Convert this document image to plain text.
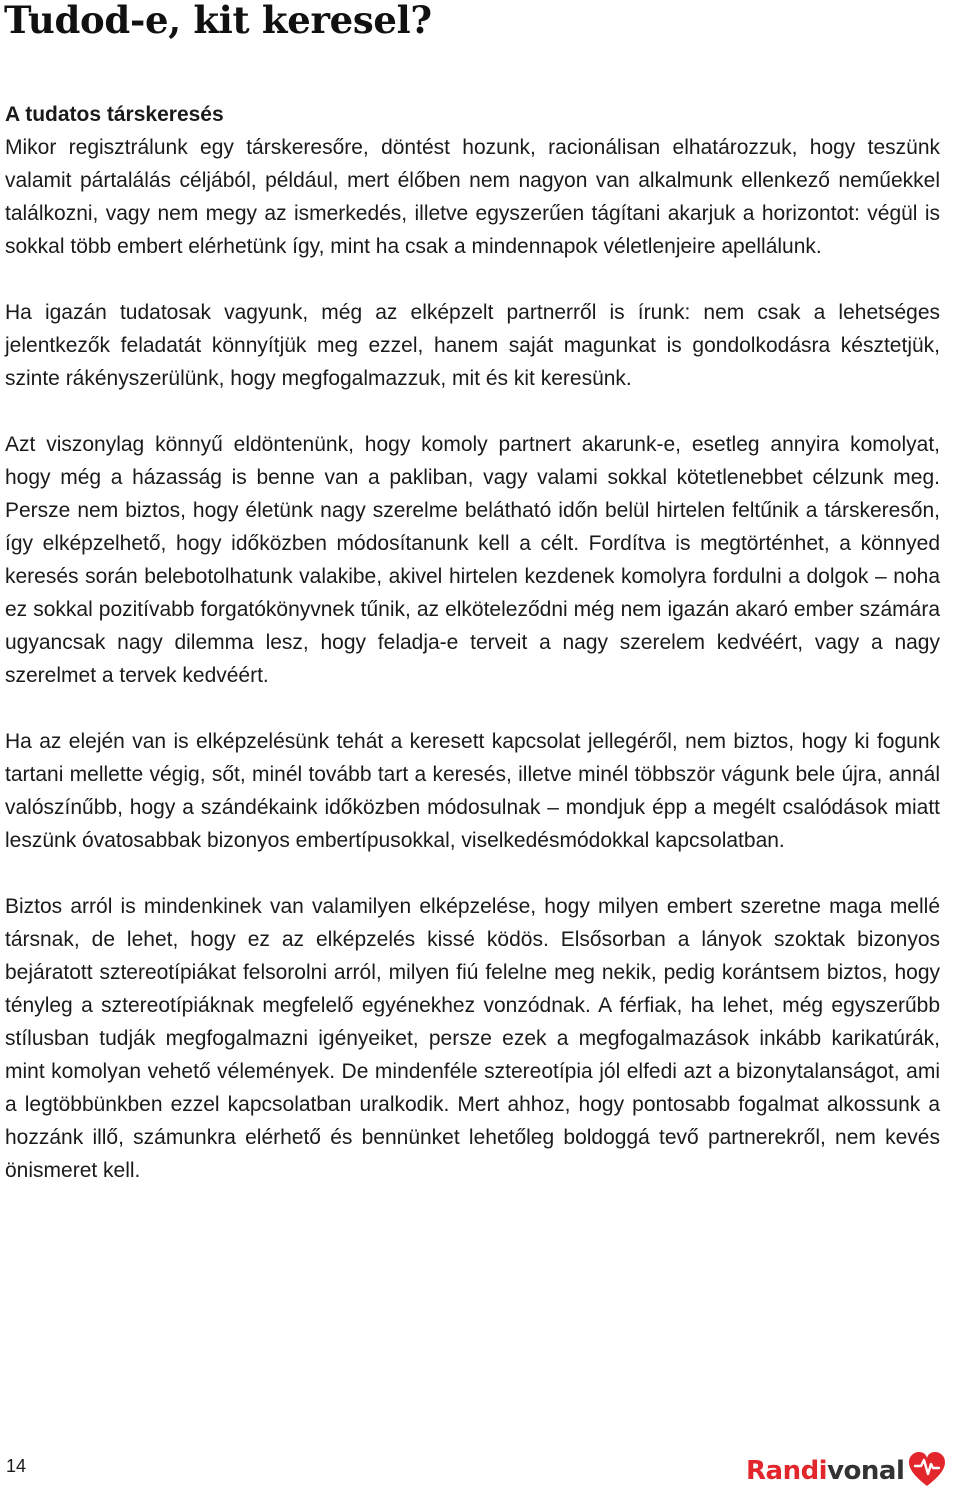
Tudod-e, kit keresel?
A tudatos társkeresés

Mikor regisztrálunk egy társkeresőre, döntést hozunk, racionálisan elhatározzuk, hogy teszünk valamit pártalálás céljából, például, mert élőben nem nagyon van alkalmunk ellenkező neműekkel találkozni, vagy nem megy az ismerkedés, illetve egyszerűen tágítani akarjuk a horizontot: végül is sokkal több embert elérhetünk így, mint ha csak a mindennapok véletlenjeire apellálunk.

Ha igazán tudatosak vagyunk, még az elképzelt partnerről is írunk: nem csak a lehetséges jelentkezők feladatát könnyítjük meg ezzel, hanem saját magunkat is gondolkodásra késztetjük, szinte rákényszerülünk, hogy megfogalmazzuk, mit és kit keresünk.

Azt viszonylag könnyű eldöntenünk, hogy komoly partnert akarunk-e, esetleg annyira komolyat, hogy még a házasság is benne van a pakliban, vagy valami sokkal kötetlenebbet célzunk meg. Persze nem biztos, hogy életünk nagy szerelme belátható időn belül hirtelen feltűnik a társkeresőn, így elképzelhető, hogy időközben módosítanunk kell a célt. Fordítva is megtörténhet, a könnyed keresés során belebotolhatunk valakibe, akivel hirtelen kezdenek komolyra fordulni a dolgok – noha ez sokkal pozitívabb forgatókönyvnek tűnik, az elköteleződni még nem igazán akaró ember számára ugyancsak nagy dilemma lesz, hogy feladja-e terveit a nagy szerelem kedvéért, vagy a nagy szerelmet a tervek kedvéért.

Ha az elején van is elképzelésünk tehát a keresett kapcsolat jellegéről, nem biztos, hogy ki fogunk tartani mellette végig, sőt, minél tovább tart a keresés, illetve minél többször vágunk bele újra, annál valószínűbb, hogy a szándékaink időközben módosulnak – mondjuk épp a megélt csalódások miatt leszünk óvatosabbak bizonyos embertípusokkal, viselkedésmódokkal kapcsolatban.

Biztos arról is mindenkinek van valamilyen elképzelése, hogy milyen embert szeretne maga mellé társnak, de lehet, hogy ez az elképzelés kissé ködös. Elsősorban a lányok szoktak bizonyos bejáratott sztereotípiákat felsorolni arról, milyen fiú felelne meg nekik, pedig korántsem biztos, hogy tényleg a sztereotípiáknak megfelelő egyénekhez vonzódnak. A férfiak, ha lehet, még egyszerűbb stílusban tudják megfogalmazni igényeiket, persze ezek a megfogalmazások inkább karikatúrák, mint komolyan vehető vélemények. De mindenféle sztereotípia jól elfedi azt a bizonytalanságot, ami a legtöbbünkben ezzel kapcsolatban uralkodik. Mert ahhoz, hogy pontosabb fogalmat alkossunk a hozzánk illő, számunkra elérhető és bennünket lehetőleg boldoggá tevő partnerekről, nem kevés önismeret kell.

14	Randivonal
